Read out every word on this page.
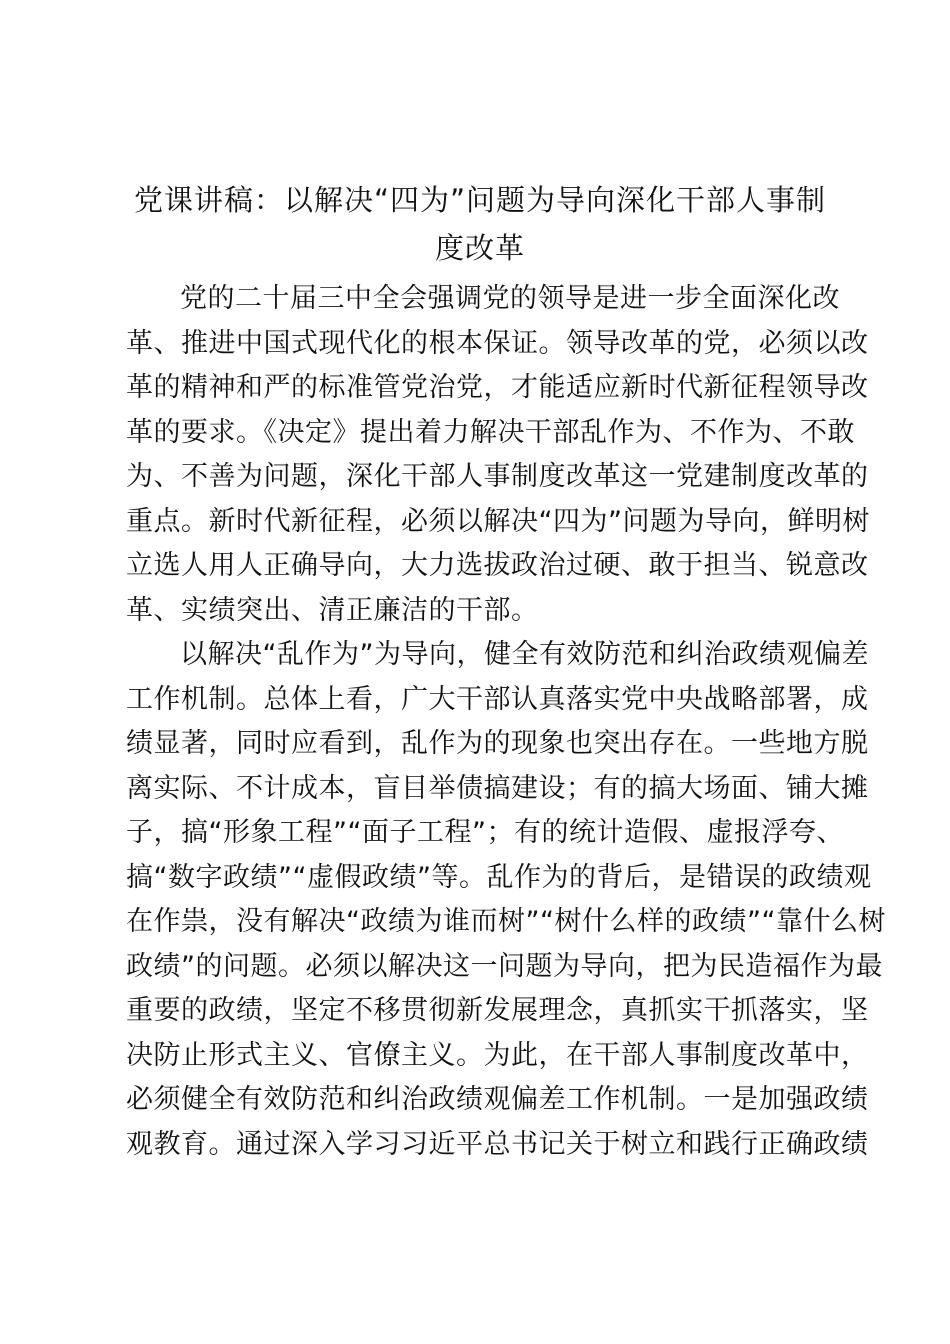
党课讲稿：以解决“四为”问题为导向深化干部人事制
度改革
党的二十届三中全会强调党的领导是进一步全面深化改
革、推进中国式现代化的根本保证。领导改革的党，必须以改
革的精神和严的标准管党治党，才能适应新时代新征程领导改
革的要求。《决定》提出着力解决干部乱作为、不作为、不敢
为、不善为问题，深化干部人事制度改革这一党建制度改革的
重点。新时代新征程，必须以解决“四为”问题为导向，鲜明树
立选人用人正确导向，大力选拔政治过硬、敢于担当、锐意改
革、实绩突出、清正廉洁的干部。
以解决“乱作为”为导向，健全有效防范和纠治政绩观偏差
工作机制。总体上看，广大干部认真落实党中央战略部署，成
绩显著，同时应看到，乱作为的现象也突出存在。一些地方脱
离实际、不计成本，盲目举债搞建设；有的搞大场面、铺大摊
子，搞“形象工程”“面子工程”；有的统计造假、虚报浮夸、
搞“数字政绩”“虚假政绩”等。乱作为的背后，是错误的政绩观
在作祟，没有解决“政绩为谁而树”“树什么样的政绩”“靠什么树
政绩”的问题。必须以解决这一问题为导向，把为民造福作为最
重要的政绩，坚定不移贯彻新发展理念，真抓实干抓落实，坚
决防止形式主义、官僚主义。为此，在干部人事制度改革中，
必须健全有效防范和纠治政绩观偏差工作机制。一是加强政绩
观教育。通过深入学习习近平总书记关于树立和践行正确政绩
